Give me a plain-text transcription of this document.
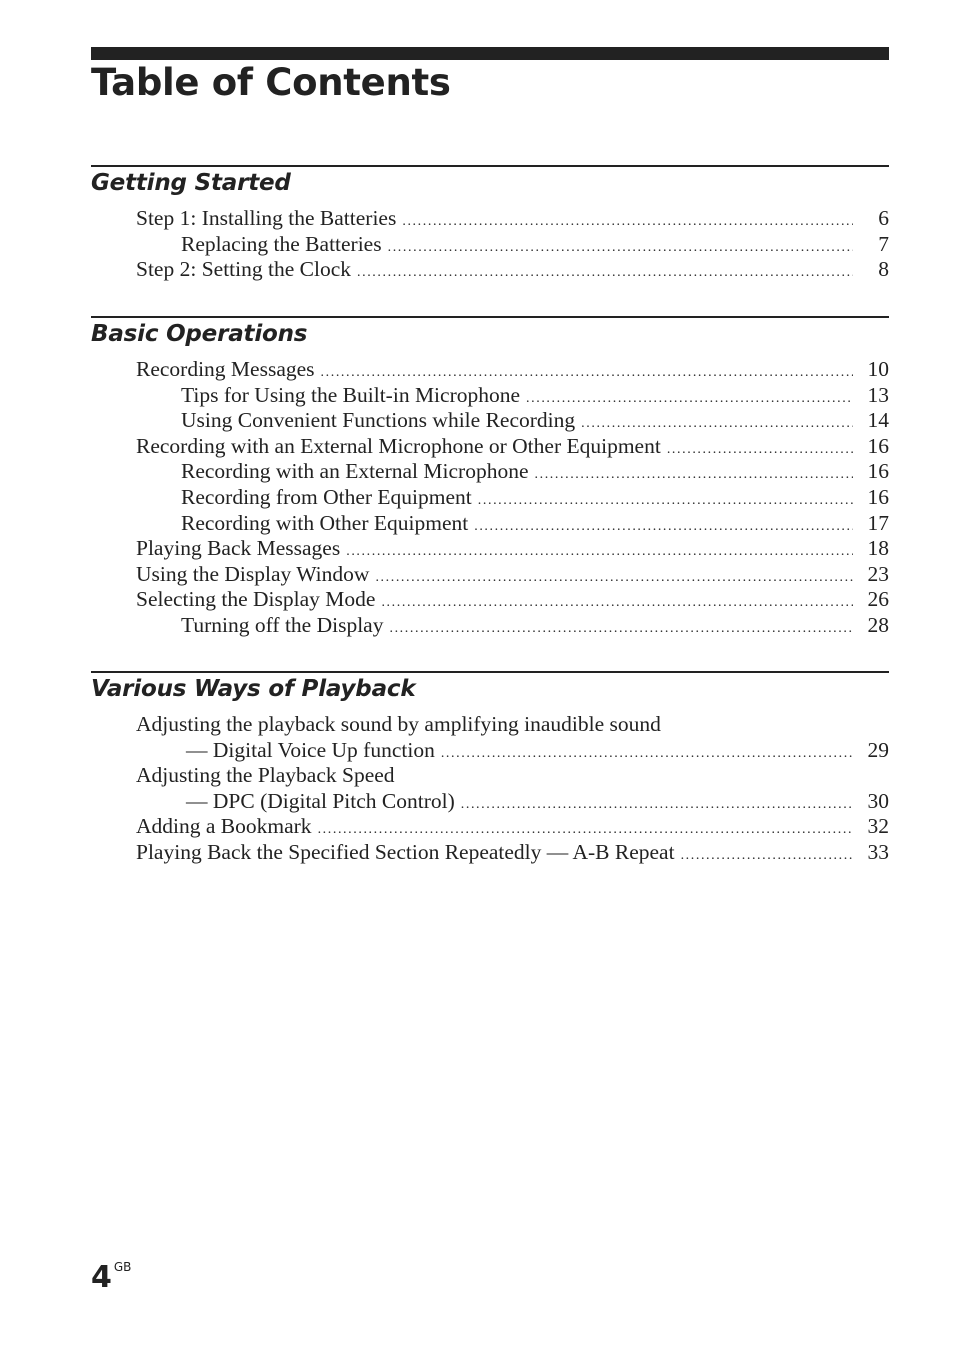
Table of Contents
Getting Started
Step 1: Installing the Batteries .....	6
Replacing the Batteries .....	7
Step 2: Setting the Clock .....	8
Basic Operations
Recording Messages .....	10
Tips for Using the Built-in Microphone .....	13
Using Convenient Functions while Recording .....	14
Recording with an External Microphone or Other Equipment .....	16
Recording with an External Microphone .....	16
Recording from Other Equipment .....	16
Recording with Other Equipment .....	17
Playing Back Messages .....	18
Using the Display Window .....	23
Selecting the Display Mode .....	26
Turning off the Display .....	28
Various Ways of Playback
Adjusting the playback sound by amplifying inaudible sound
— Digital Voice Up function .....	29
Adjusting the Playback Speed
— DPC (Digital Pitch Control) .....	30
Adding a Bookmark .....	32
Playing Back the Specified Section Repeatedly — A-B Repeat .....	33
4 $^{GB}$
